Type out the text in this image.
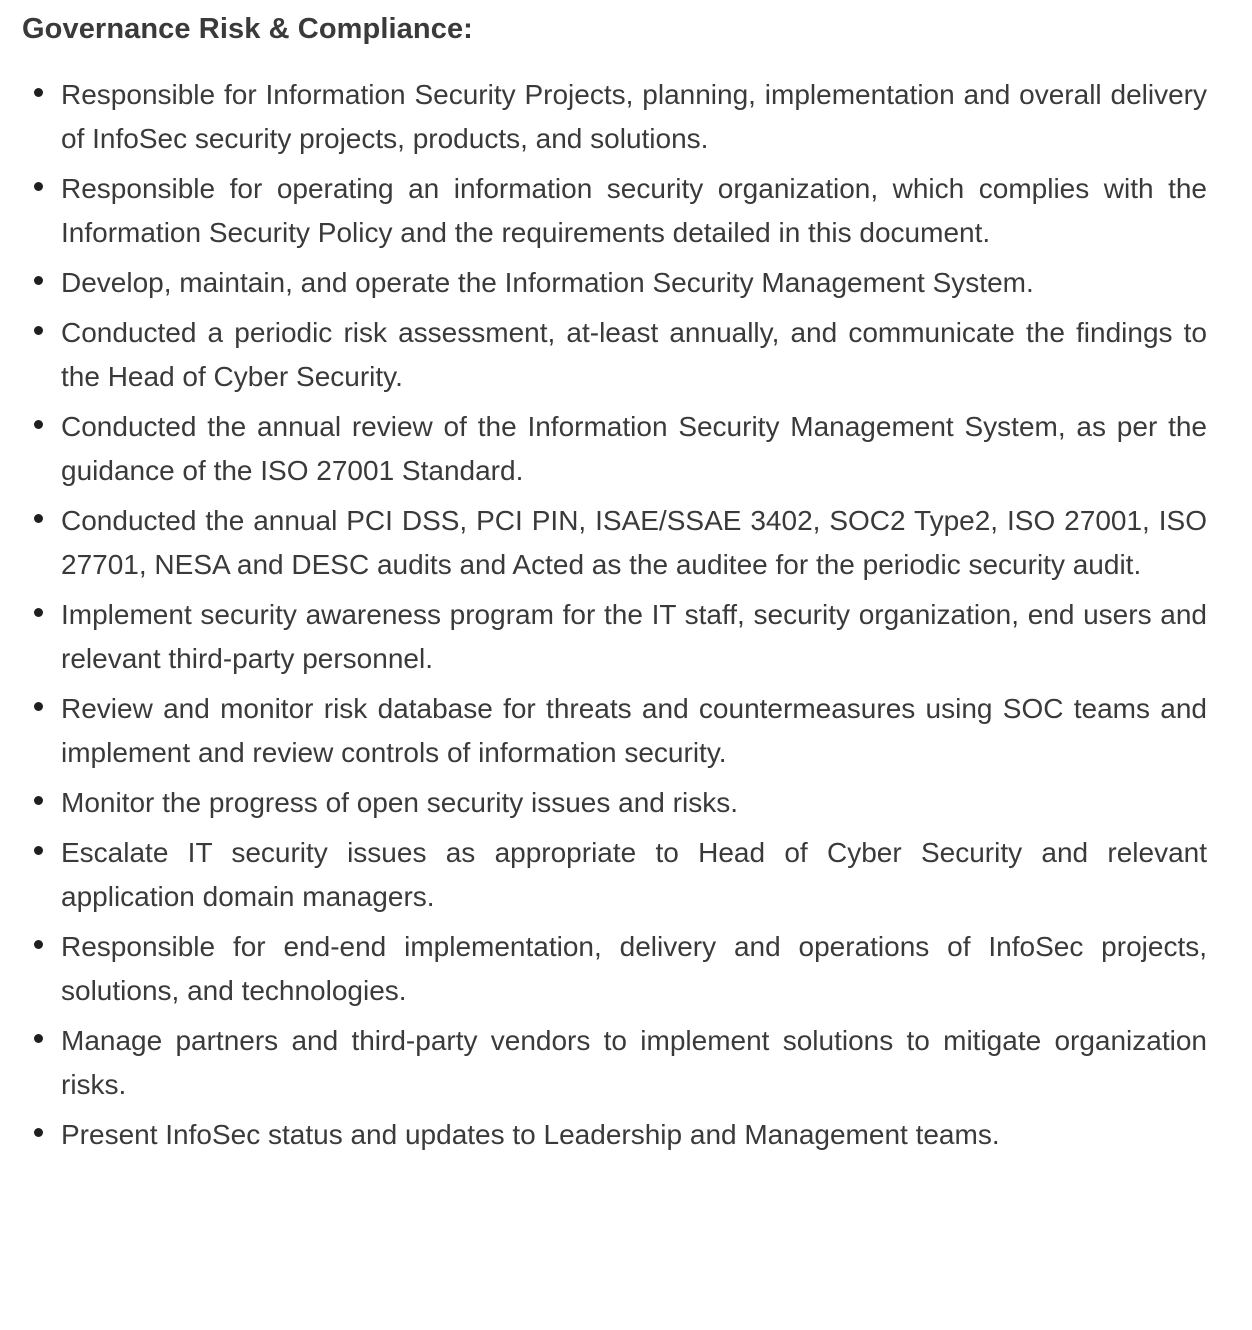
Governance Risk & Compliance:
Responsible for Information Security Projects, planning, implementation and overall delivery of InfoSec security projects, products, and solutions.
Responsible for operating an information security organization, which complies with the Information Security Policy and the requirements detailed in this document.
Develop, maintain, and operate the Information Security Management System.
Conducted a periodic risk assessment, at-least annually, and communicate the findings to the Head of Cyber Security.
Conducted the annual review of the Information Security Management System, as per the guidance of the ISO 27001 Standard.
Conducted the annual PCI DSS, PCI PIN, ISAE/SSAE 3402, SOC2 Type2, ISO 27001, ISO 27701, NESA and DESC audits and Acted as the auditee for the periodic security audit.
Implement security awareness program for the IT staff, security organization, end users and relevant third-party personnel.
Review and monitor risk database for threats and countermeasures using SOC teams and implement and review controls of information security.
Monitor the progress of open security issues and risks.
Escalate IT security issues as appropriate to Head of Cyber Security and relevant application domain managers.
Responsible for end-end implementation, delivery and operations of InfoSec projects, solutions, and technologies.
Manage partners and third-party vendors to implement solutions to mitigate organization risks.
Present InfoSec status and updates to Leadership and Management teams.
